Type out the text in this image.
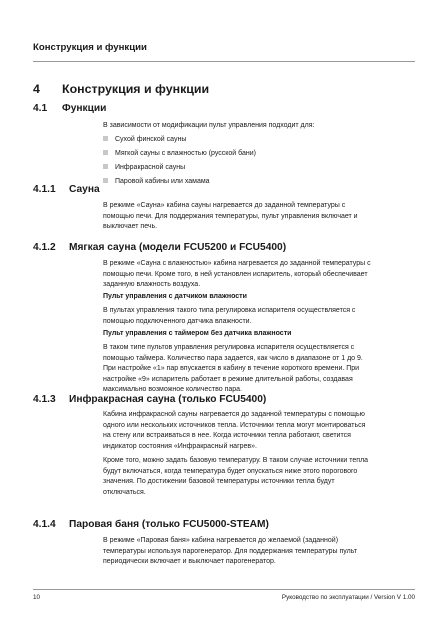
Конструкция и функции
4 Конструкция и функции
4.1 Функции
В зависимости от модификации пульт управления подходит для:
Сухой финской сауны
Мягкой сауны с влажностью (русской бани)
Инфракрасной сауны
Паровой кабины или хамама
4.1.1 Сауна
В режиме «Сауна» кабина сауны нагревается до заданной температуры с
помощью печи. Для поддержания температуры, пульт управления включает и
выключает печь.
4.1.2 Мягкая сауна (модели FCU5200 и FCU5400)
В режиме «Сауна с влажностью» кабина нагревается до заданной температуры с
помощью печи. Кроме того, в ней установлен испаритель, который обеспечивает
заданную влажность воздуха.
Пульт управления с датчиком влажности
В пультах управления такого типа регулировка испарителя осуществляется с
помощью подключенного датчика влажности.
Пульт управления с таймером без датчика влажности
В таком типе пультов управления регулировка испарителя осуществляется с
помощью таймера. Количество пара задается, как число в диапазоне от 1 до 9.
При настройке «1» пар впускается в кабину в течение короткого времени. При
настройке «9» испаритель работает в режиме длительной работы, создавая
максимально возможное количество пара.
4.1.3 Инфракрасная сауна (только FCU5400)
Кабина инфракрасной сауны нагревается до заданной температуры с помощью
одного или нескольких источников тепла. Источники тепла могут монтироваться
на стену или встраиваться в нее. Когда источники тепла работают, светится
индикатор состояния «Инфракрасный нагрев».
Кроме того, можно задать базовую температуру. В таком случае источники тепла
будут включаться, когда температура будет опускаться ниже этого порогового
значения. По достижении базовой температуры источники тепла будут
отключаться.
4.1.4 Паровая баня (только FCU5000-STEAM)
В режиме «Паровая баня» кабина нагревается до желаемой (заданной)
температуры используя парогенератор. Для поддержания температуры пульт
периодически включает и выключает парогенератор.
10	Руководство по эксплуатации / Version V 1.00
